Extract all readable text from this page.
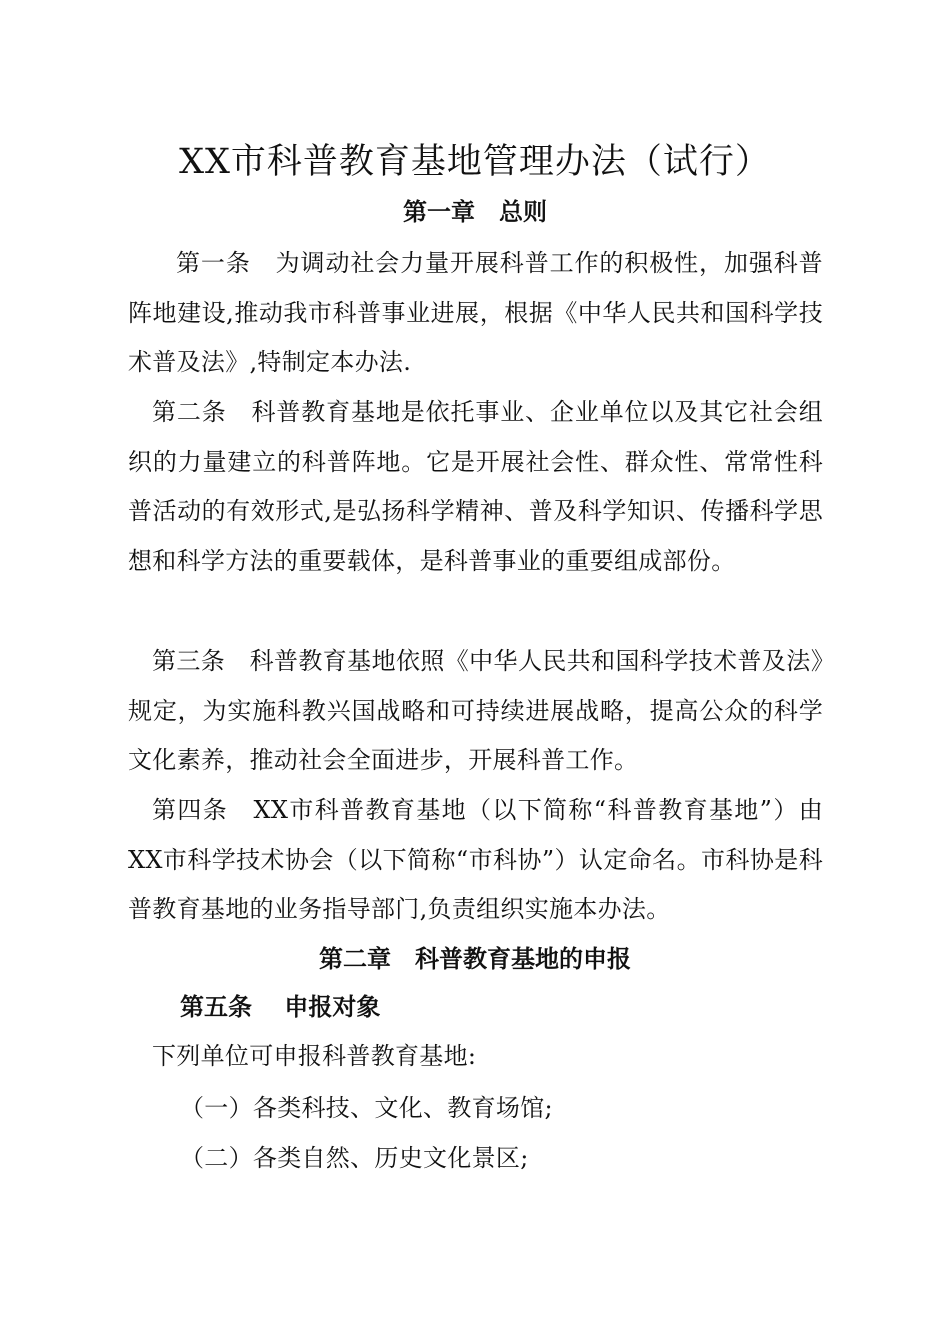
XX市科普教育基地管理办法（试行）
第一章　总则
第一条　为调动社会力量开展科普工作的积极性，加强科普阵地建设,推动我市科普事业进展，根据《中华人民共和国科学技术普及法》,特制定本办法.
第二条　科普教育基地是依托事业、企业单位以及其它社会组织的力量建立的科普阵地。它是开展社会性、群众性、常常性科普活动的有效形式,是弘扬科学精神、普及科学知识、传播科学思想和科学方法的重要载体，是科普事业的重要组成部份。
第三条　科普教育基地依照《中华人民共和国科学技术普及法》规定，为实施科教兴国战略和可持续进展战略，提高公众的科学文化素养，推动社会全面进步，开展科普工作。
第四条　XX市科普教育基地（以下简称“科普教育基地”）由XX市科学技术协会（以下简称“市科协”）认定命名。市科协是科普教育基地的业务指导部门,负责组织实施本办法。
第二章　科普教育基地的申报
第五条　 申报对象
下列单位可申报科普教育基地:
（一）各类科技、文化、教育场馆;
（二）各类自然、历史文化景区;
